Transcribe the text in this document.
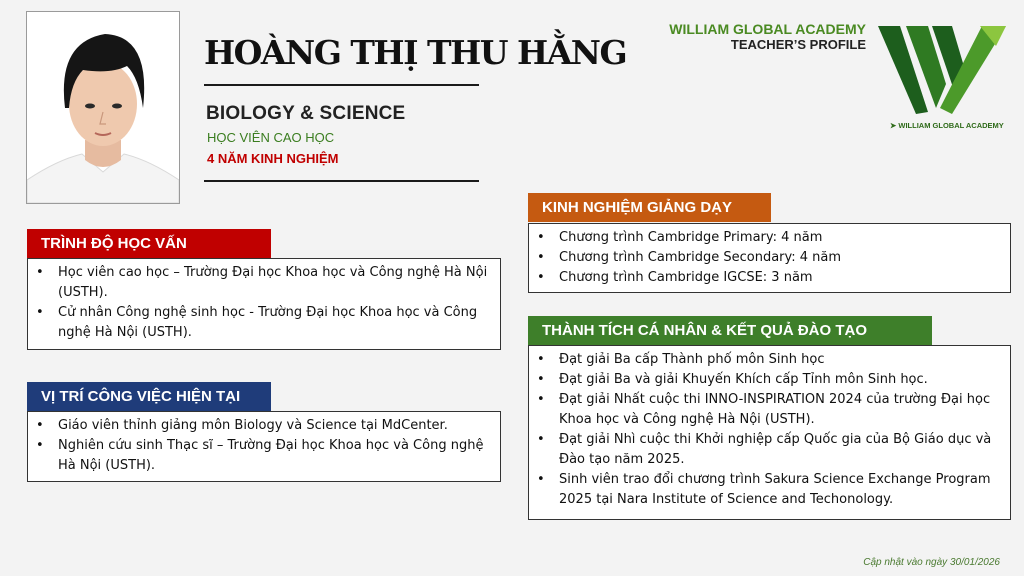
HOÀNG THỊ THU HẰNG
BIOLOGY & SCIENCE
HỌC VIÊN CAO HỌC
4 NĂM KINH NGHIỆM
WILLIAM GLOBAL ACADEMY
TEACHER’S PROFILE
➤ WILLIAM GLOBAL ACADEMY
TRÌNH ĐỘ HỌC VẤN
• Học viên cao học – Trường Đại học Khoa học và Công nghệ Hà Nội (USTH).
• Cử nhân Công nghệ sinh học - Trường Đại học Khoa học và Công nghệ Hà Nội (USTH).
VỊ TRÍ CÔNG VIỆC HIỆN TẠI
• Giáo viên thỉnh giảng môn Biology và Science tại MdCenter.
• Nghiên cứu sinh Thạc sĩ – Trường Đại học Khoa học và Công nghệ Hà Nội (USTH).
KINH NGHIỆM GIẢNG DẠY
• Chương trình Cambridge Primary: 4 năm
• Chương trình Cambridge Secondary: 4 năm
• Chương trình Cambridge IGCSE: 3 năm
THÀNH TÍCH CÁ NHÂN & KẾT QUẢ ĐÀO TẠO
• Đạt giải Ba cấp Thành phố môn Sinh học
• Đạt giải Ba và giải Khuyến Khích cấp Tỉnh môn Sinh học.
• Đạt giải Nhất cuộc thi INNO-INSPIRATION 2024 của trường Đại học Khoa học và Công nghệ Hà Nội (USTH).
• Đạt giải Nhì cuộc thi Khởi nghiệp cấp Quốc gia của Bộ Giáo dục và Đào tạo năm 2025.
• Sinh viên trao đổi chương trình Sakura Science Exchange Program 2025 tại Nara Institute of Science and Techonology.
Cập nhật vào ngày 30/01/2026
